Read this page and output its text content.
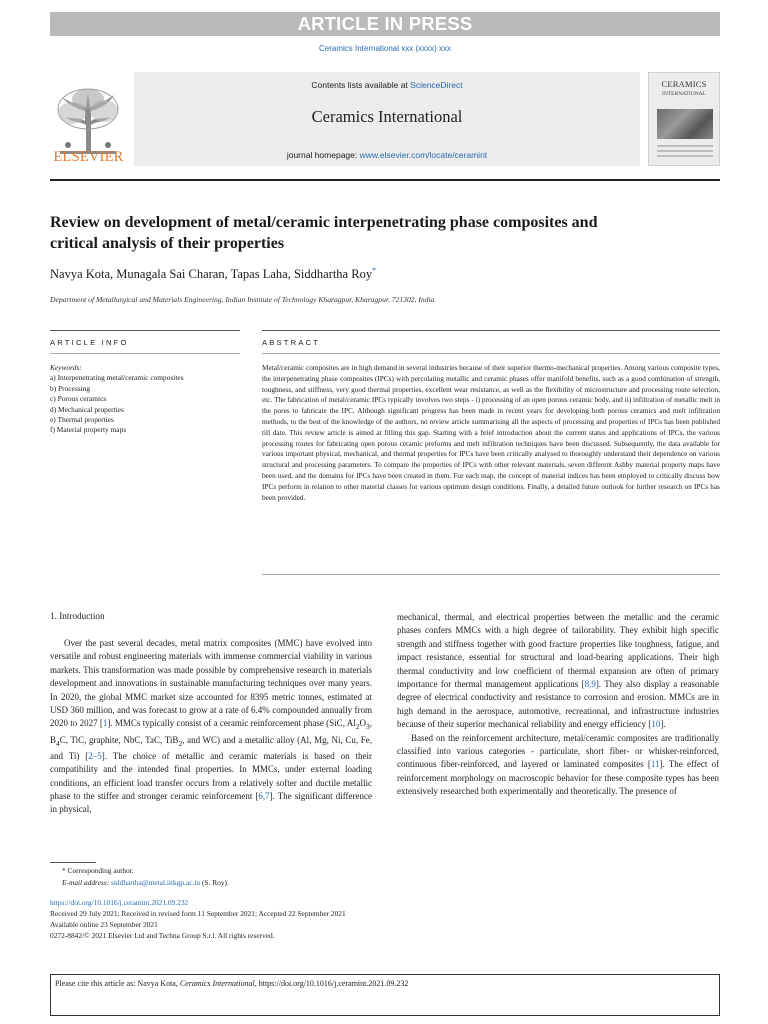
ARTICLE IN PRESS
Ceramics International xxx (xxxx) xxx
ELSEVIER
Contents lists available at ScienceDirect
Ceramics International
journal homepage: www.elsevier.com/locate/ceramint
CERAMICS
INTERNATIONAL
Review on development of metal/ceramic interpenetrating phase composites and critical analysis of their properties
Navya Kota, Munagala Sai Charan, Tapas Laha, Siddhartha Roy*
Department of Metallurgical and Materials Engineering, Indian Institute of Technology Kharagpur, Kharagpur, 721302, India
ARTICLE INFO	ABSTRACT
Keywords:
a) Interpenetrating metal/ceramic composites
b) Processing
c) Porous ceramics
d) Mechanical properties
e) Thermal properties
f) Material property maps
Metal/ceramic composites are in high demand in several industries because of their superior thermo-mechanical properties. Among various composite types, the interpenetrating phase composites (IPCs) with percolating metallic and ceramic phases offer manifold benefits, such as a good combination of strength, toughness, and stiffness, very good thermal properties, excellent wear resistance, as well as the flexibility of microstructure and processing route selection, etc. The fabrication of metal/ceramic IPCs typically involves two steps - i) processing of an open porous ceramic body, and ii) infiltration of metallic melt in the pores to fabricate the IPC. Although significant progress has been made in recent years for developing both porous ceramics and melt infiltration methods, to the best of the knowledge of the authors, no review article summarising all the aspects of processing and properties of IPCs has been published till date. This review article is aimed at filling this gap. Starting with a brief introduction about the current status and applications of IPCs, the various processing routes for fabricating open porous ceramic preforms and melt infiltration techniques have been discussed. Subsequently, the data available for various important physical, mechanical, and thermal properties for IPCs have been critically analysed to thoroughly understand their dependence on various structural and processing parameters. To compare the properties of IPCs with other relevant materials, seven different Ashby material property maps have been used, and the domains for IPCs have been created in them. For each map, the concept of material indices has been employed to critically discuss how IPCs perform in relation to other material classes for various optimum design conditions. Finally, a detailed future outlook for further research on IPCs has been provided.
1. Introduction

Over the past several decades, metal matrix composites (MMC) have evolved into versatile and robust engineering materials with immense commercial viability in various markets. This transformation was made possible by comprehensive research in materials development and innovations in sustainable manufacturing techniques over many years. In 2020, the global MMC market size accounted for 8395 metric tonnes, estimated at USD 360 million, and was forecast to grow at a rate of 6.4% compounded annually from 2020 to 2027 [1]. MMCs typically consist of a ceramic reinforcement phase (SiC, $Al_2O_3$, $B_4C$, TiC, graphite, NbC, TaC, TiB$_2$, and WC) and a metallic alloy (Al, Mg, Ni, Cu, Fe, and Ti) [2–5]. The choice of metallic and ceramic materials is based on their compatibility and the intended final properties. In MMCs, under external loading conditions, an efficient load transfer occurs from a relatively softer and ductile metallic phase to the stiffer and stronger ceramic reinforcement [6,7]. The significant difference in physical,

mechanical, thermal, and electrical properties between the metallic and the ceramic phases confers MMCs with a high degree of tailorability. They exhibit high specific strength and stiffness together with good fracture properties like toughness, fatigue, and impact resistance, essential for structural and load-bearing applications. Their high thermal conductivity and low coefficient of thermal expansion are often of primary importance for thermal management applications [8,9]. They also display a reasonable degree of electrical conductivity and resistance to corrosion and erosion. MMCs are in high demand in the aerospace, automotive, recreational, and infrastructure industries because of their superior mechanical reliability and energy efficiency [10].

Based on the reinforcement architecture, metal/ceramic composites are traditionally classified into various categories - particulate, short fiber- or whisker-reinforced, continuous fiber-reinforced, and layered or laminated composites [11]. The effect of reinforcement morphology on macroscopic behavior for these composite types has been extensively researched both experimentally and theoretically. The presence of

* Corresponding author.
E-mail address: siddhartha@metal.iitkgp.ac.in (S. Roy).
https://doi.org/10.1016/j.ceramint.2021.09.232
Received 29 July 2021; Received in revised form 11 September 2021; Accepted 22 September 2021
Available online 23 September 2021
0272-8842/© 2021 Elsevier Ltd and Techna Group S.r.l. All rights reserved.
Please cite this article as: Navya Kota, Ceramics International, https://doi.org/10.1016/j.ceramint.2021.09.232
